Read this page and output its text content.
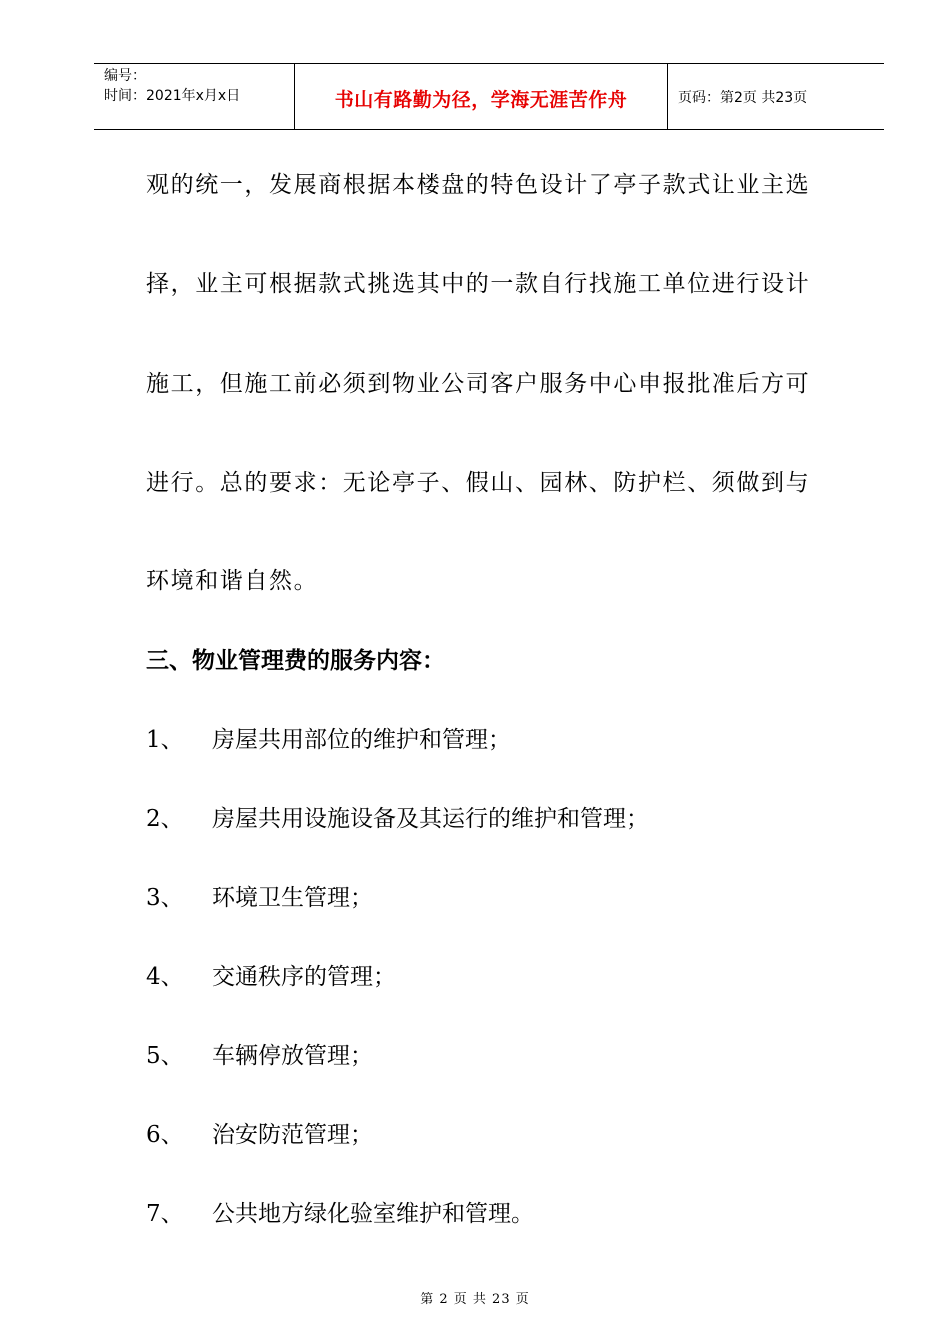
编号：
时间：2021年x月x日	书山有路勤为径，学海无涯苦作舟	页码：第2页 共23页
观的统一，发展商根据本楼盘的特色设计了亭子款式让业主选
择，业主可根据款式挑选其中的一款自行找施工单位进行设计
施工，但施工前必须到物业公司客户服务中心申报批准后方可
进行。总的要求：无论亭子、假山、园林、防护栏、须做到与
环境和谐自然。
三、物业管理费的服务内容：
1、 房屋共用部位的维护和管理；
2、 房屋共用设施设备及其运行的维护和管理；
3、 环境卫生管理；
4、 交通秩序的管理；
5、 车辆停放管理；
6、 治安防范管理；
7、 公共地方绿化验室维护和管理。
第 2 页 共 23 页
